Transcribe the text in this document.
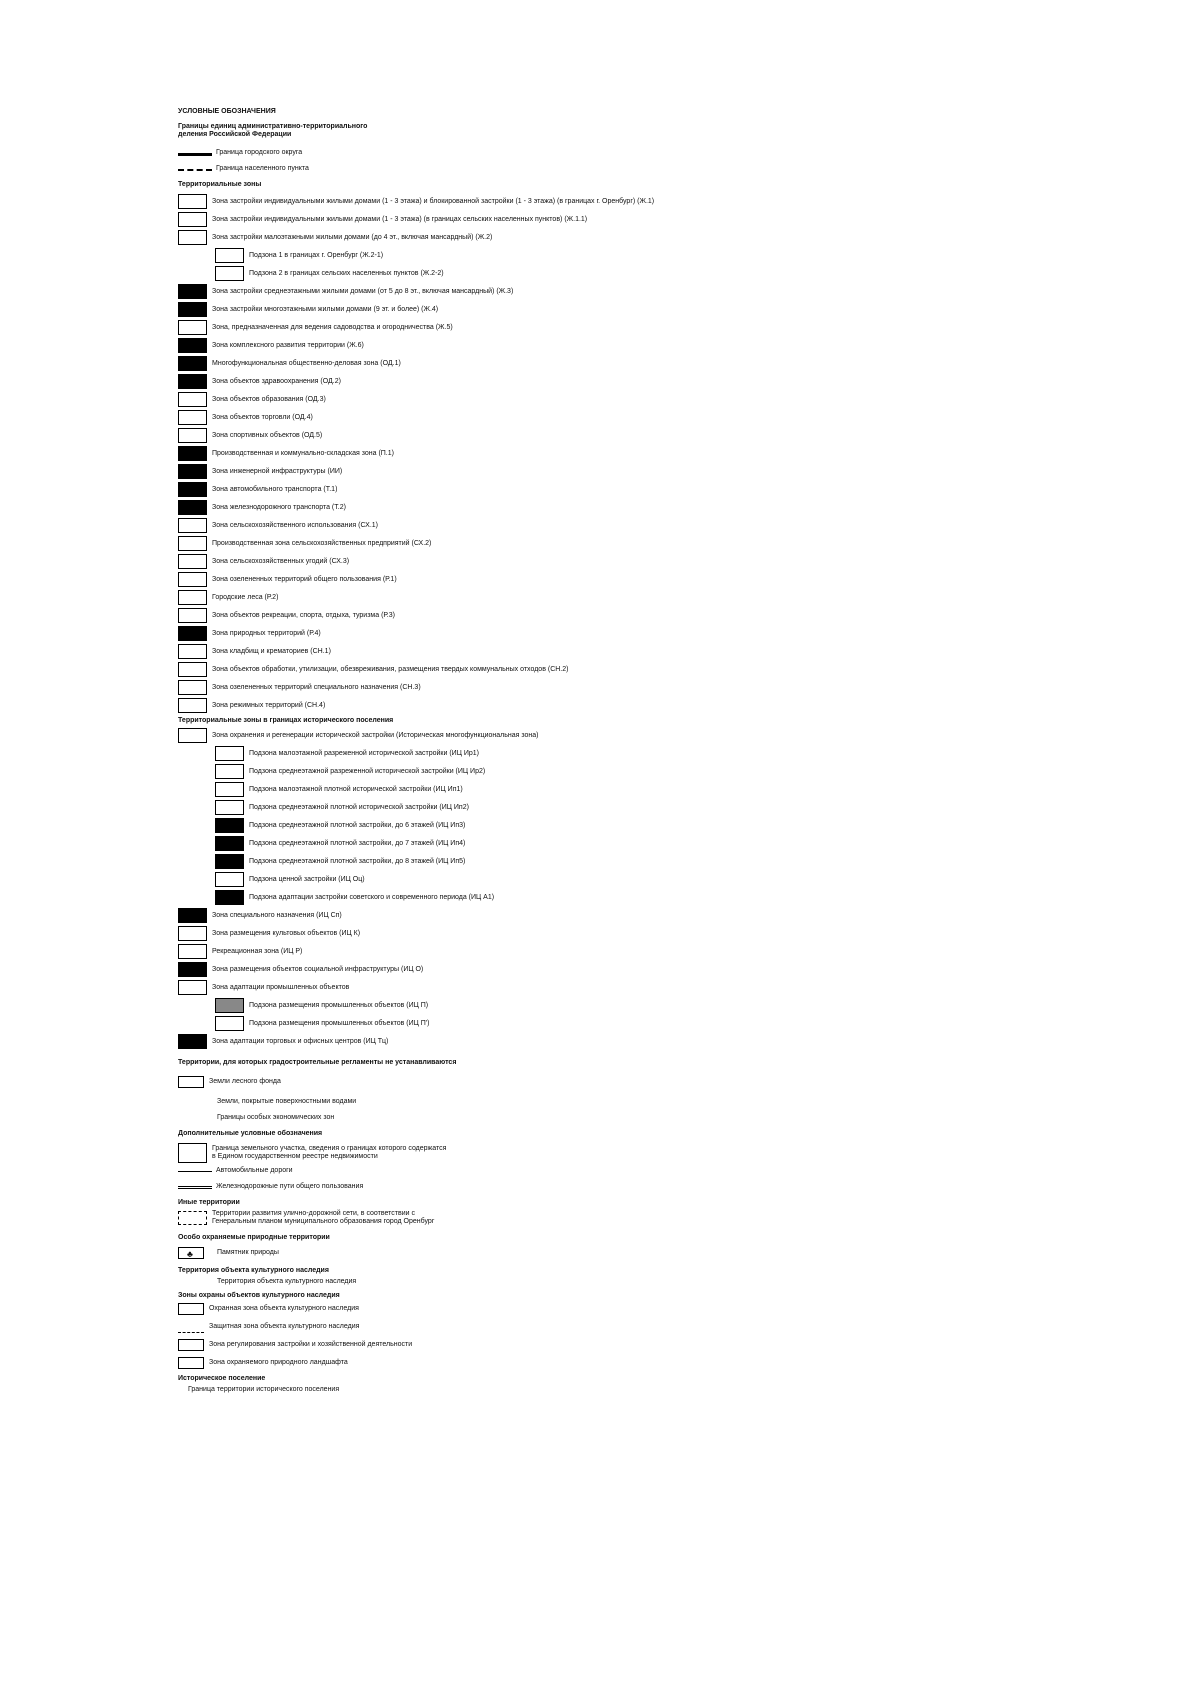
УСЛОВНЫЕ ОБОЗНАЧЕНИЯ
Границы единиц административно-территориального деления Российской Федерации
Граница городского округа
Граница населенного пункта
Территориальные зоны
Зона застройки индивидуальными жилыми домами (1 - 3 этажа) и блокированной застройки (1 - 3 этажа) (в границах г. Оренбург) (Ж.1)
Зона застройки индивидуальными жилыми домами (1 - 3 этажа) (в границах сельских населенных пунктов) (Ж.1.1)
Зона застройки малоэтажными жилыми домами (до 4 эт., включая мансардный) (Ж.2)
Подзона 1 в границах г. Оренбург (Ж.2-1)
Подзона 2 в границах сельских населенных пунктов (Ж.2-2)
Зона застройки среднеэтажными жилыми домами (от 5 до 8 эт., включая мансардный) (Ж.3)
Зона застройки многоэтажными жилыми домами (9 эт. и более) (Ж.4)
Зона, предназначенная для ведения садоводства и огородничества (Ж.5)
Зона комплексного развития территории (Ж.6)
Многофункциональная общественно-деловая зона (ОД.1)
Зона объектов здравоохранения (ОД.2)
Зона объектов образования (ОД.3)
Зона объектов торговли (ОД.4)
Зона спортивных объектов (ОД.5)
Производственная и коммунально-складская зона (П.1)
Зона инженерной инфраструктуры (ИИ)
Зона автомобильного транспорта (Т.1)
Зона железнодорожного транспорта (Т.2)
Зона сельскохозяйственного использования (СХ.1)
Производственная зона сельскохозяйственных предприятий (СХ.2)
Зона сельскохозяйственных угодий (СХ.3)
Зона озелененных территорий общего пользования (Р.1)
Городские леса (Р.2)
Зона объектов рекреации, спорта, отдыха, туризма (Р.3)
Зона природных территорий (Р.4)
Зона кладбищ и крематориев (СН.1)
Зона объектов обработки, утилизации, обезвреживания, размещения твердых коммунальных отходов (СН.2)
Зона озелененных территорий специального назначения (СН.3)
Зона режимных территорий (СН.4)
Территориальные зоны в границах исторического поселения
Зона охранения и регенерации исторической застройки (Историческая многофункциональная зона)
Подзона малоэтажной разреженной исторической застройки (ИЦ Ир1)
Подзона среднеэтажной разреженной исторической застройки (ИЦ Ир2)
Подзона малоэтажной плотной исторической застройки (ИЦ Ип1)
Подзона среднеэтажной плотной исторической застройки (ИЦ Ип2)
Подзона среднеэтажной плотной застройки, до 6 этажей (ИЦ Ип3)
Подзона среднеэтажной плотной застройки, до 7 этажей (ИЦ Ип4)
Подзона среднеэтажной плотной застройки, до 8 этажей (ИЦ Ип5)
Подзона ценной застройки (ИЦ Оц)
Подзона адаптации застройки советского и современного периода (ИЦ А1)
Зона специального назначения (ИЦ Сп)
Зона размещения культовых объектов (ИЦ К)
Рекреационная зона (ИЦ Р)
Зона размещения объектов социальной инфраструктуры (ИЦ О)
Зона адаптации промышленных объектов
Подзона размещения промышленных объектов (ИЦ П)
Подзона размещения промышленных объектов (ИЦ П')
Зона адаптации торговых и офисных центров (ИЦ Тц)
Территории, для которых градостроительные регламенты не устанавливаются
Земли лесного фонда
Земли, покрытые поверхностными водами
Границы особых экономических зон
Дополнительные условные обозначения
Граница земельного участка, сведения о границах которого содержатся в Едином государственном реестре недвижимости
Автомобильные дороги
Железнодорожные пути общего пользования
Иные территории
Территории развития улично-дорожной сети, в соответствии с Генеральным планом муниципального образования город Оренбург
Особо охраняемые природные территории
♣	Памятник природы
Территория объекта культурного наследия
Территория объекта культурного наследия
Зоны охраны объектов культурного наследия
Охранная зона объекта культурного наследия
Защитная зона объекта культурного наследия
Зона регулирования застройки и хозяйственной деятельности
Зона охраняемого природного ландшафта
Историческое поселение
Граница территории исторического поселения
